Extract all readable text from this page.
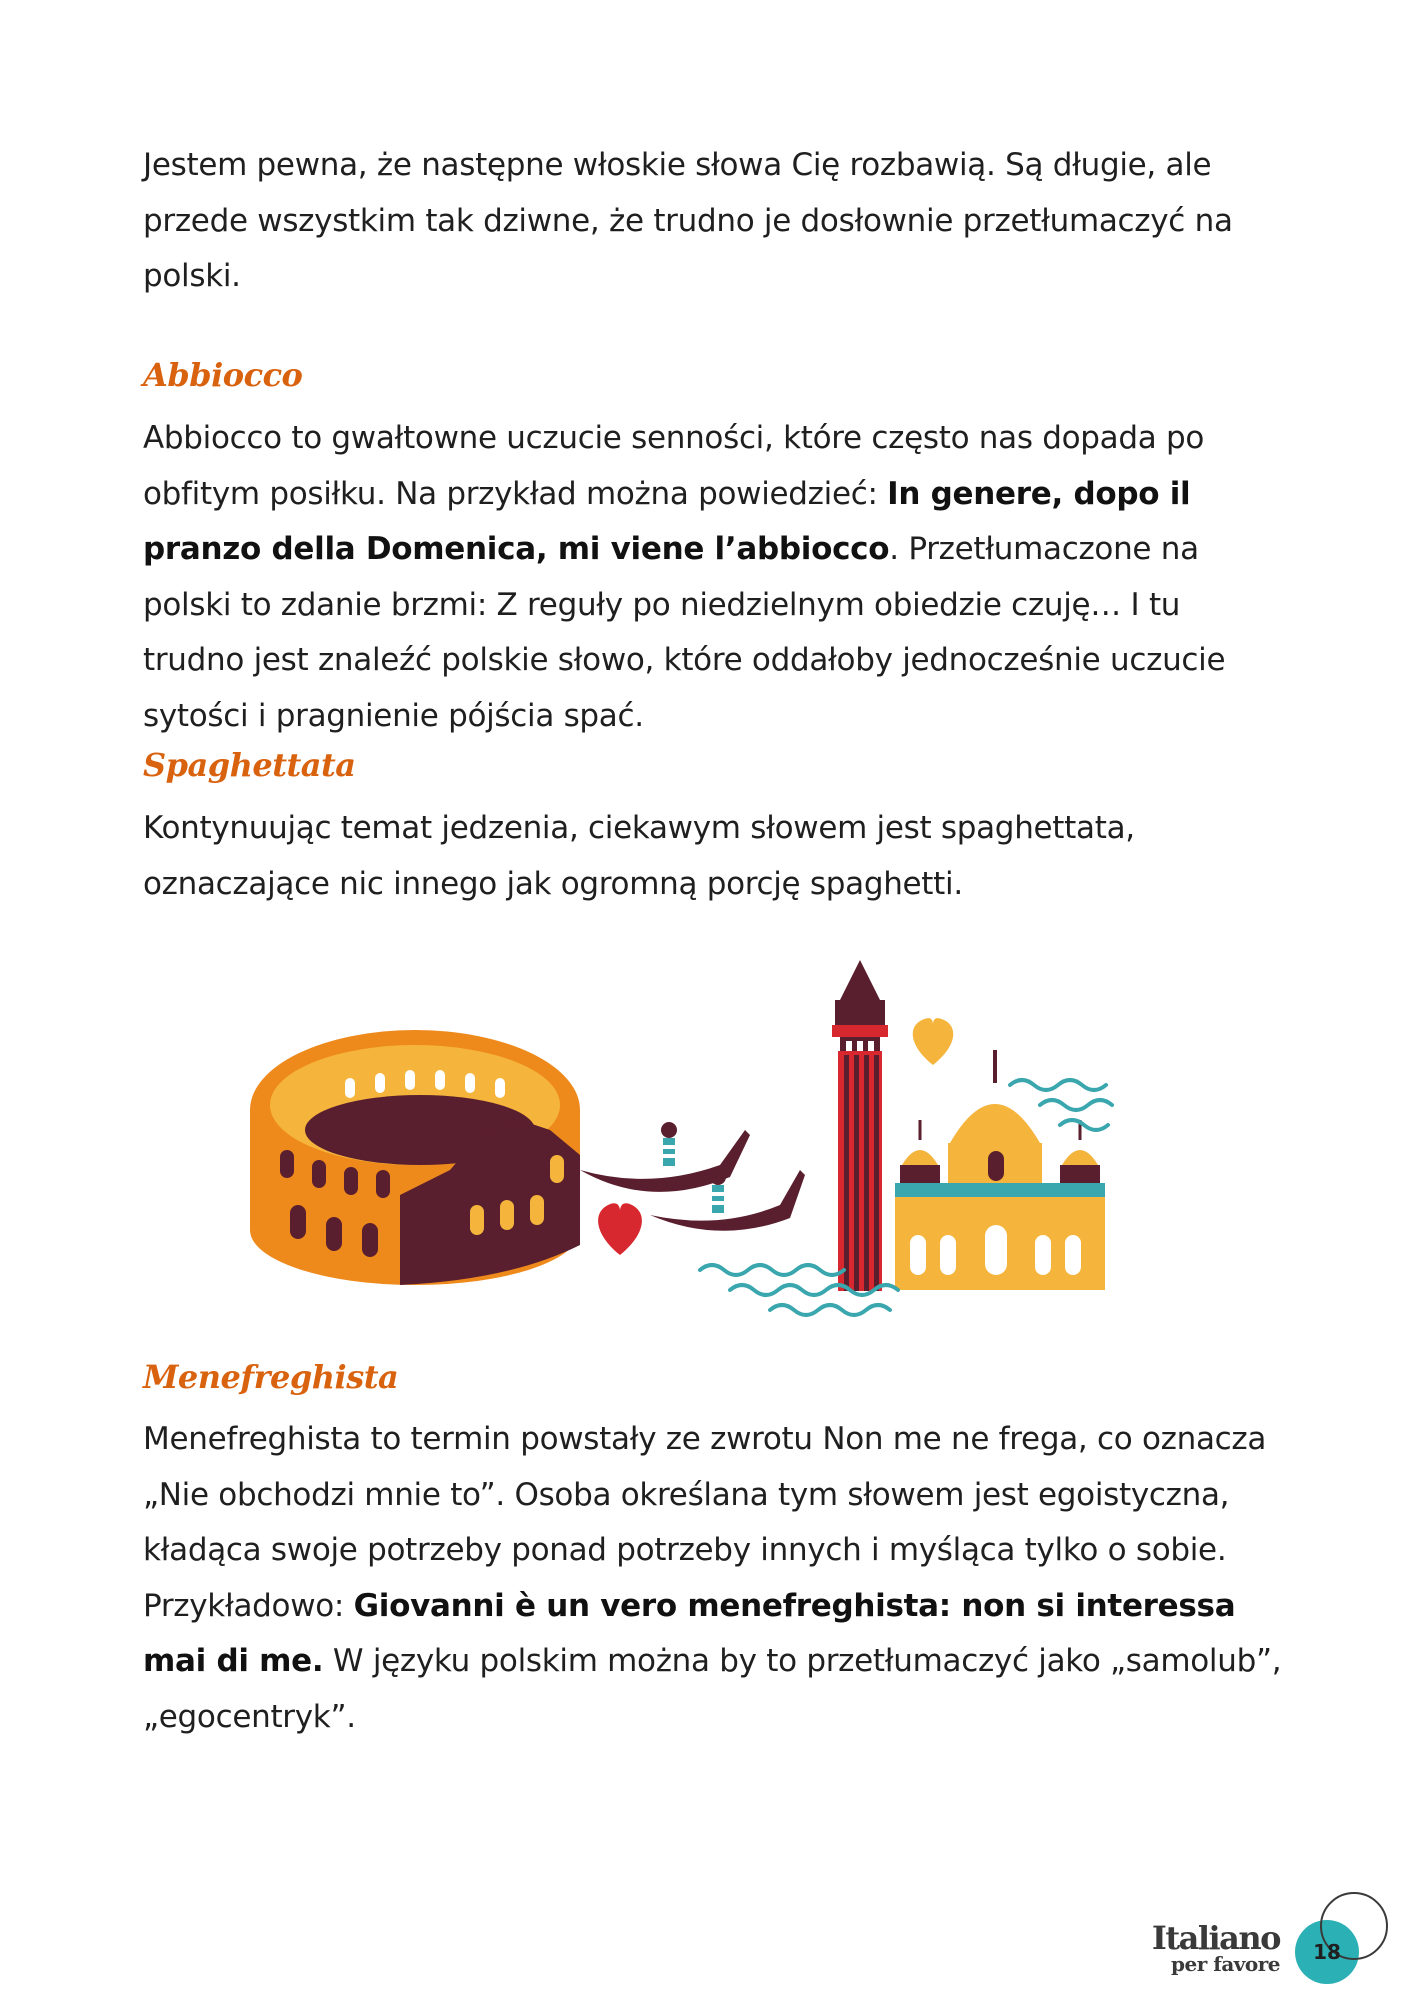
Jestem pewna, że następne włoskie słowa Cię rozbawią. Są długie, ale przede wszystkim tak dziwne, że trudno je dosłownie przetłumaczyć na polski.

Abbiocco

Abbiocco to gwałtowne uczucie senności, które często nas dopada po obfitym posiłku. Na przykład można powiedzieć: In genere, dopo il pranzo della Domenica, mi viene l’abbiocco. Przetłumaczone na polski to zdanie brzmi: Z reguły po niedzielnym obiedzie czuję… I tu trudno jest znaleźć polskie słowo, które oddałoby jednocześnie uczucie sytości i pragnienie pójścia spać.

Spaghettata

Kontynuując temat jedzenia, ciekawym słowem jest spaghettata, oznaczające nic innego jak ogromną porcję spaghetti.

Menefreghista

Menefreghista to termin powstały ze zwrotu Non me ne frega, co oznacza „Nie obchodzi mnie to”. Osoba określana tym słowem jest egoistyczna, kładąca swoje potrzeby ponad potrzeby innych i myśląca tylko o sobie. Przykładowo: Giovanni è un vero menefreghista: non si interessa mai di me. W języku polskim można by to przetłumaczyć jako „samolub”, „egocentryk”.

Italiano
per favore	18
